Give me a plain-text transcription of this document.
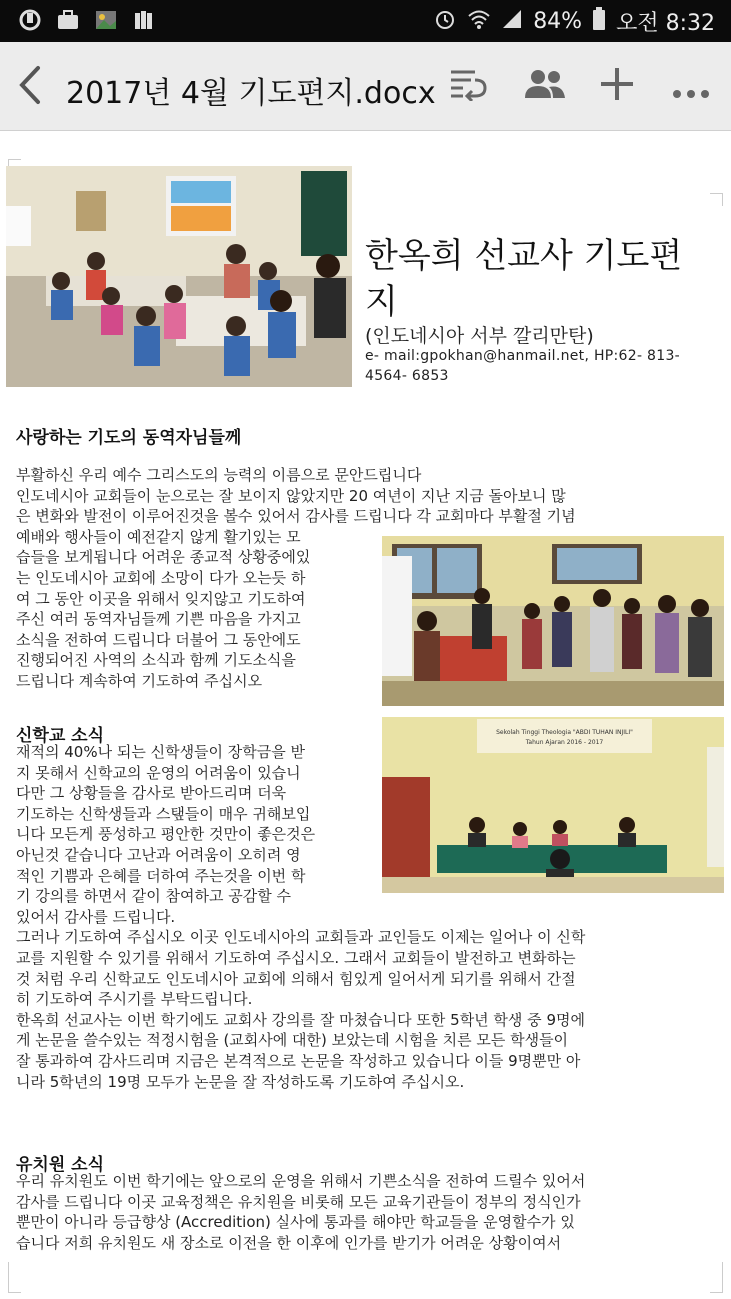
84% 오전 8:32
2017년 4월 기도편지.docx
한옥희 선교사 기도편지
(인도네시아 서부 깔리만탄)
e- mail:gpokhan@hanmail.net, HP:62- 813- 4564- 6853
사랑하는 기도의 동역자님들께
부활하신 우리 예수 그리스도의 능력의 이름으로 문안드립니다
인도네시아 교회들이 눈으로는 잘 보이지 않았지만 20 여년이 지난 지금 돌아보니 많
은 변화와 발전이 이루어진것을 볼수 있어서 감사를 드립니다 각 교회마다 부활절 기념
예배와 행사들이 예전같지 않게 활기있는 모
습들을 보게됩니다 어려운 종교적 상황중에있
는 인도네시아 교회에 소망이 다가 오는듯 하
여 그 동안 이곳을 위해서 잊지않고 기도하여
주신 여러 동역자님들께 기쁜 마음을 가지고
소식을 전하여 드립니다 더불어 그 동안에도
진행되어진 사역의 소식과 함께 기도소식을
드립니다 계속하여 기도하여 주십시오
신학교 소식	Tahun Ajaran 2016 - 2017
Sekolah Tinggi Theologia "ABDI TUHAN INJILI"
재적의 40%나 되는 신학생들이 장학금을 받
지 못해서 신학교의 운영의 어려움이 있습니
다만 그 상황들을 감사로 받아드리며 더욱
기도하는 신학생들과 스탶들이 매우 귀해보입
니다 모든게 풍성하고 평안한 것만이 좋은것은
아닌것 같습니다 고난과 어려움이 오히려 영
적인 기쁨과 은혜를 더하여 주는것을 이번 학
기 강의를 하면서 같이 참여하고 공감할 수
있어서 감사를 드립니다.
그러나 기도하여 주십시오 이곳 인도네시아의 교회들과 교인들도 이제는 일어나 이 신학
교를 지원할 수 있기를 위해서 기도하여 주십시오. 그래서 교회들이 발전하고 변화하는
것 처럼 우리 신학교도 인도네시아 교회에 의해서 힘있게 일어서게 되기를 위해서 간절
히 기도하여 주시기를 부탁드립니다.
한옥희 선교사는 이번 학기에도 교회사 강의를 잘 마쳤습니다 또한 5학년 학생 중 9명에
게 논문을 쓸수있는 적정시험을 (교회사에 대한) 보았는데 시험을 치른 모든 학생들이
잘 통과하여 감사드리며 지금은 본격적으로 논문을 작성하고 있습니다 이들 9명뿐만 아
니라 5학년의 19명 모두가 논문을 잘 작성하도록 기도하여 주십시오.
유치원 소식
우리 유치원도 이번 학기에는 앞으로의 운영을 위해서 기쁜소식을 전하여 드릴수 있어서
감사를 드립니다 이곳 교육정책은 유치원을 비롯해 모든 교육기관들이 정부의 정식인가
뿐만이 아니라 등급향상 (Accredition) 실사에 통과를 해야만 학교들을 운영할수가 있
습니다 저희 유치원도 새 장소로 이전을 한 이후에 인가를 받기가 어려운 상황이여서
